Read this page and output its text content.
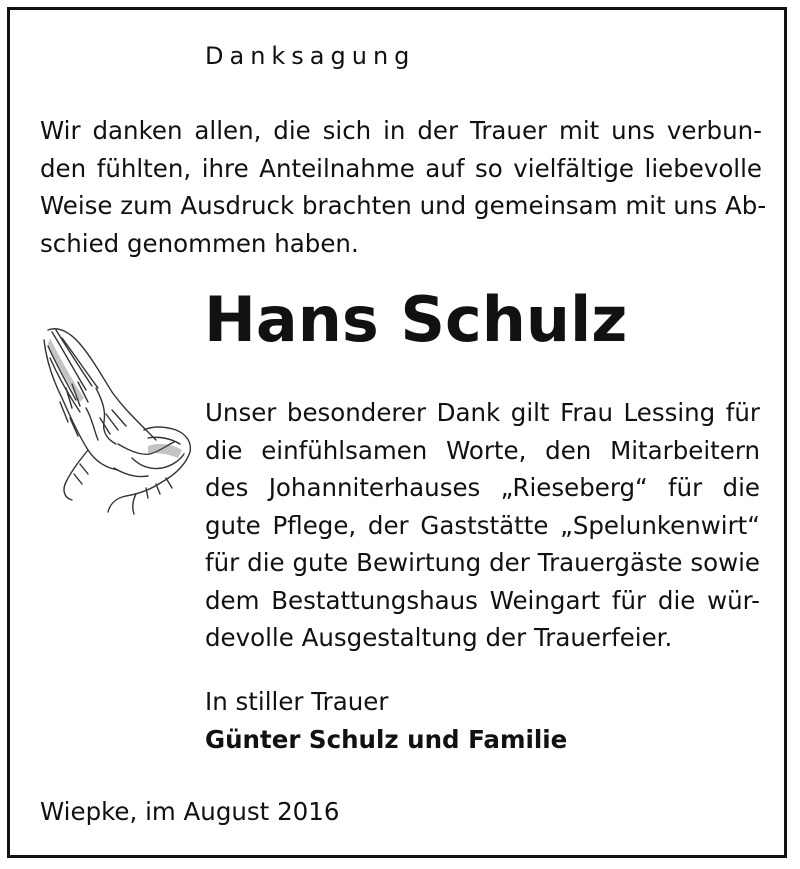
Danksagung

Wir danken allen, die sich in der Trauer mit uns verbun-
den fühlten, ihre Anteilnahme auf so vielfältige liebevolle
Weise zum Ausdruck brachten und gemeinsam mit uns Ab-
schied genommen haben.

Hans Schulz

Unser besonderer Dank gilt Frau Lessing für
die einfühlsamen Worte, den Mitarbeitern
des Johanniterhauses „Rieseberg“ für die
gute Pflege, der Gaststätte „Spelunkenwirt“
für die gute Bewirtung der Trauergäste sowie
dem Bestattungshaus Weingart für die wür-
devolle Ausgestaltung der Trauerfeier.

In stiller Trauer
Günter Schulz und Familie
Wiepke, im August 2016
